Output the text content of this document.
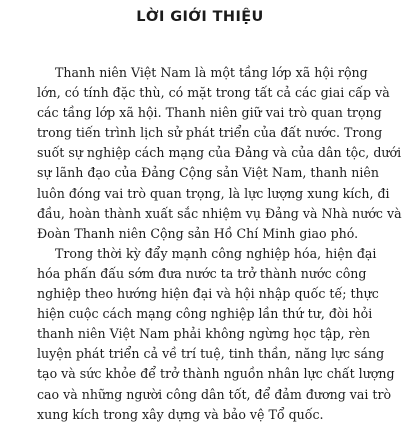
LỜI GIỚI THIỆU
Thanh niên Việt Nam là một tầng lớp xã hội rộng
lớn, có tính đặc thù, có mặt trong tất cả các giai cấp và
các tầng lớp xã hội. Thanh niên giữ vai trò quan trọng
trong tiến trình lịch sử phát triển của đất nước. Trong
suốt sự nghiệp cách mạng của Đảng và của dân tộc, dưới
sự lãnh đạo của Đảng Cộng sản Việt Nam, thanh niên
luôn đóng vai trò quan trọng, là lực lượng xung kích, đi
đầu, hoàn thành xuất sắc nhiệm vụ Đảng và Nhà nước và
Đoàn Thanh niên Cộng sản Hồ Chí Minh giao phó.
Trong thời kỳ đẩy mạnh công nghiệp hóa, hiện đại
hóa phấn đấu sớm đưa nước ta trở thành nước công
nghiệp theo hướng hiện đại và hội nhập quốc tế; thực
hiện cuộc cách mạng công nghiệp lần thứ tư, đòi hỏi
thanh niên Việt Nam phải không ngừng học tập, rèn
luyện phát triển cả về trí tuệ, tinh thần, năng lực sáng
tạo và sức khỏe để trở thành nguồn nhân lực chất lượng
cao và những người công dân tốt, để đảm đương vai trò
xung kích trong xây dựng và bảo vệ Tổ quốc.
